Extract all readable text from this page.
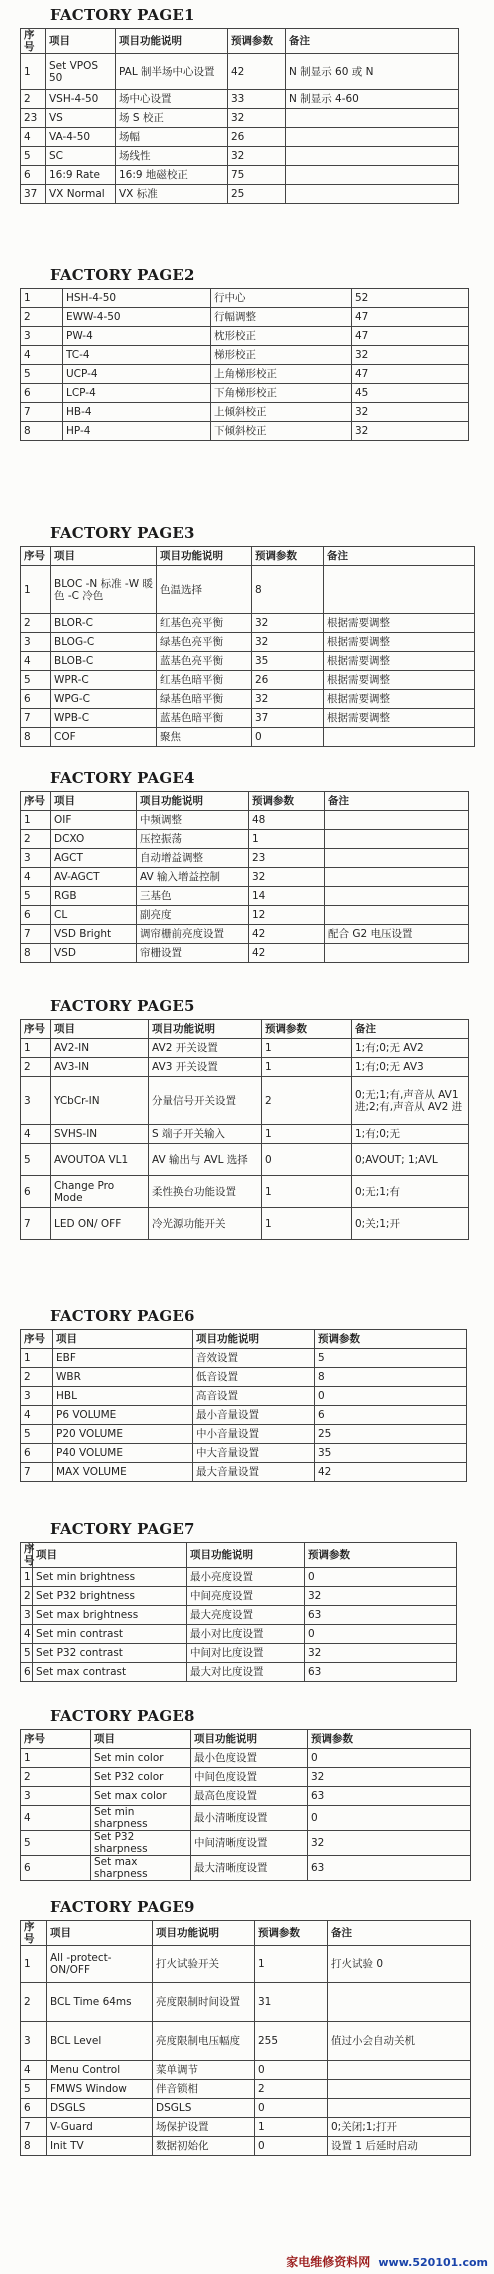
FACTORY PAGE1
序号	项目	项目功能说明	预调参数	备注
1	Set VPOS 50	PAL 制半场中心设置	42	N 制显示 60 或 N
2	VSH-4-50	场中心设置	33	N 制显示 4-60
23	VS	场 S 校正	32	
4	VA-4-50	场幅	26	
5	SC	场线性	32	
6	16:9 Rate	16:9 地磁校正	75	
37	VX Normal	VX 标准	25	
FACTORY PAGE2
1	HSH-4-50	行中心	52
2	EWW-4-50	行幅调整	47
3	PW-4	枕形校正	47
4	TC-4	梯形校正	32
5	UCP-4	上角梯形校正	47
6	LCP-4	下角梯形校正	45
7	HB-4	上倾斜校正	32
8	HP-4	下倾斜校正	32
FACTORY PAGE3
序号	项目	项目功能说明	预调参数	备注
1	BLOC -N 标准 -W 暖色 -C 冷色	色温选择	8	
2	BLOR-C	红基色亮平衡	32	根据需要调整
3	BLOG-C	绿基色亮平衡	32	根据需要调整
4	BLOB-C	蓝基色亮平衡	35	根据需要调整
5	WPR-C	红基色暗平衡	26	根据需要调整
6	WPG-C	绿基色暗平衡	32	根据需要调整
7	WPB-C	蓝基色暗平衡	37	根据需要调整
8	COF	聚焦	0	
FACTORY PAGE4
序号	项目	项目功能说明	预调参数	备注
1	OIF	中频调整	48	
2	DCXO	压控振荡	1	
3	AGCT	自动增益调整	23	
4	AV-AGCT	AV 输入增益控制	32	
5	RGB	三基色	14	
6	CL	副亮度	12	
7	VSD Bright	调帘栅前亮度设置	42	配合 G2 电压设置
8	VSD	帘栅设置	42	
FACTORY PAGE5
序号	项目	项目功能说明	预调参数	备注
1	AV2-IN	AV2 开关设置	1	1;有;0;无 AV2
2	AV3-IN	AV3 开关设置	1	1;有;0;无 AV3
3	YCbCr-IN	分量信号开关设置	2	0;无;1;有,声音从 AV1 进;2;有,声音从 AV2 进
4	SVHS-IN	S 端子开关输入	1	1;有;0;无
5	AVOUTOA VL1	AV 输出与 AVL 选择	0	0;AVOUT; 1;AVL
6	Change Pro Mode	柔性换台功能设置	1	0;无;1;有
7	LED ON/ OFF	冷光源功能开关	1	0;关;1;开
FACTORY PAGE6
序号	项目	项目功能说明	预调参数
1	EBF	音效设置	5
2	WBR	低音设置	8
3	HBL	高音设置	0
4	P6 VOLUME	最小音量设置	6
5	P20 VOLUME	中小音量设置	25
6	P40 VOLUME	中大音量设置	35
7	MAX VOLUME	最大音量设置	42
FACTORY PAGE7
序号	项目	项目功能说明	预调参数
1	Set min brightness	最小亮度设置	0
2	Set P32 brightness	中间亮度设置	32
3	Set max brightness	最大亮度设置	63
4	Set min contrast	最小对比度设置	0
5	Set P32 contrast	中间对比度设置	32
6	Set max contrast	最大对比度设置	63
FACTORY PAGE8
序号	项目	项目功能说明	预调参数
1	Set min color	最小色度设置	0
2	Set P32 color	中间色度设置	32
3	Set max color	最高色度设置	63
4	Set min sharpness	最小清晰度设置	0
5	Set P32 sharpness	中间清晰度设置	32
6	Set max sharpness	最大清晰度设置	63
FACTORY PAGE9
序号	项目	项目功能说明	预调参数	备注
1	All -protect- ON/OFF	打火试验开关	1	打火试验 0
2	BCL Time 64ms	亮度限制时间设置	31	
3	BCL Level	亮度限制电压幅度	255	值过小会自动关机
4	Menu Control	菜单调节	0	
5	FMWS Window	伴音锁相	2	
6	DSGLS	DSGLS	0	
7	V-Guard	场保护设置	1	0;关闭;1;打开
8	Init TV	数据初始化	0	设置 1 后延时启动
家电维修资料网 www.520101.com
